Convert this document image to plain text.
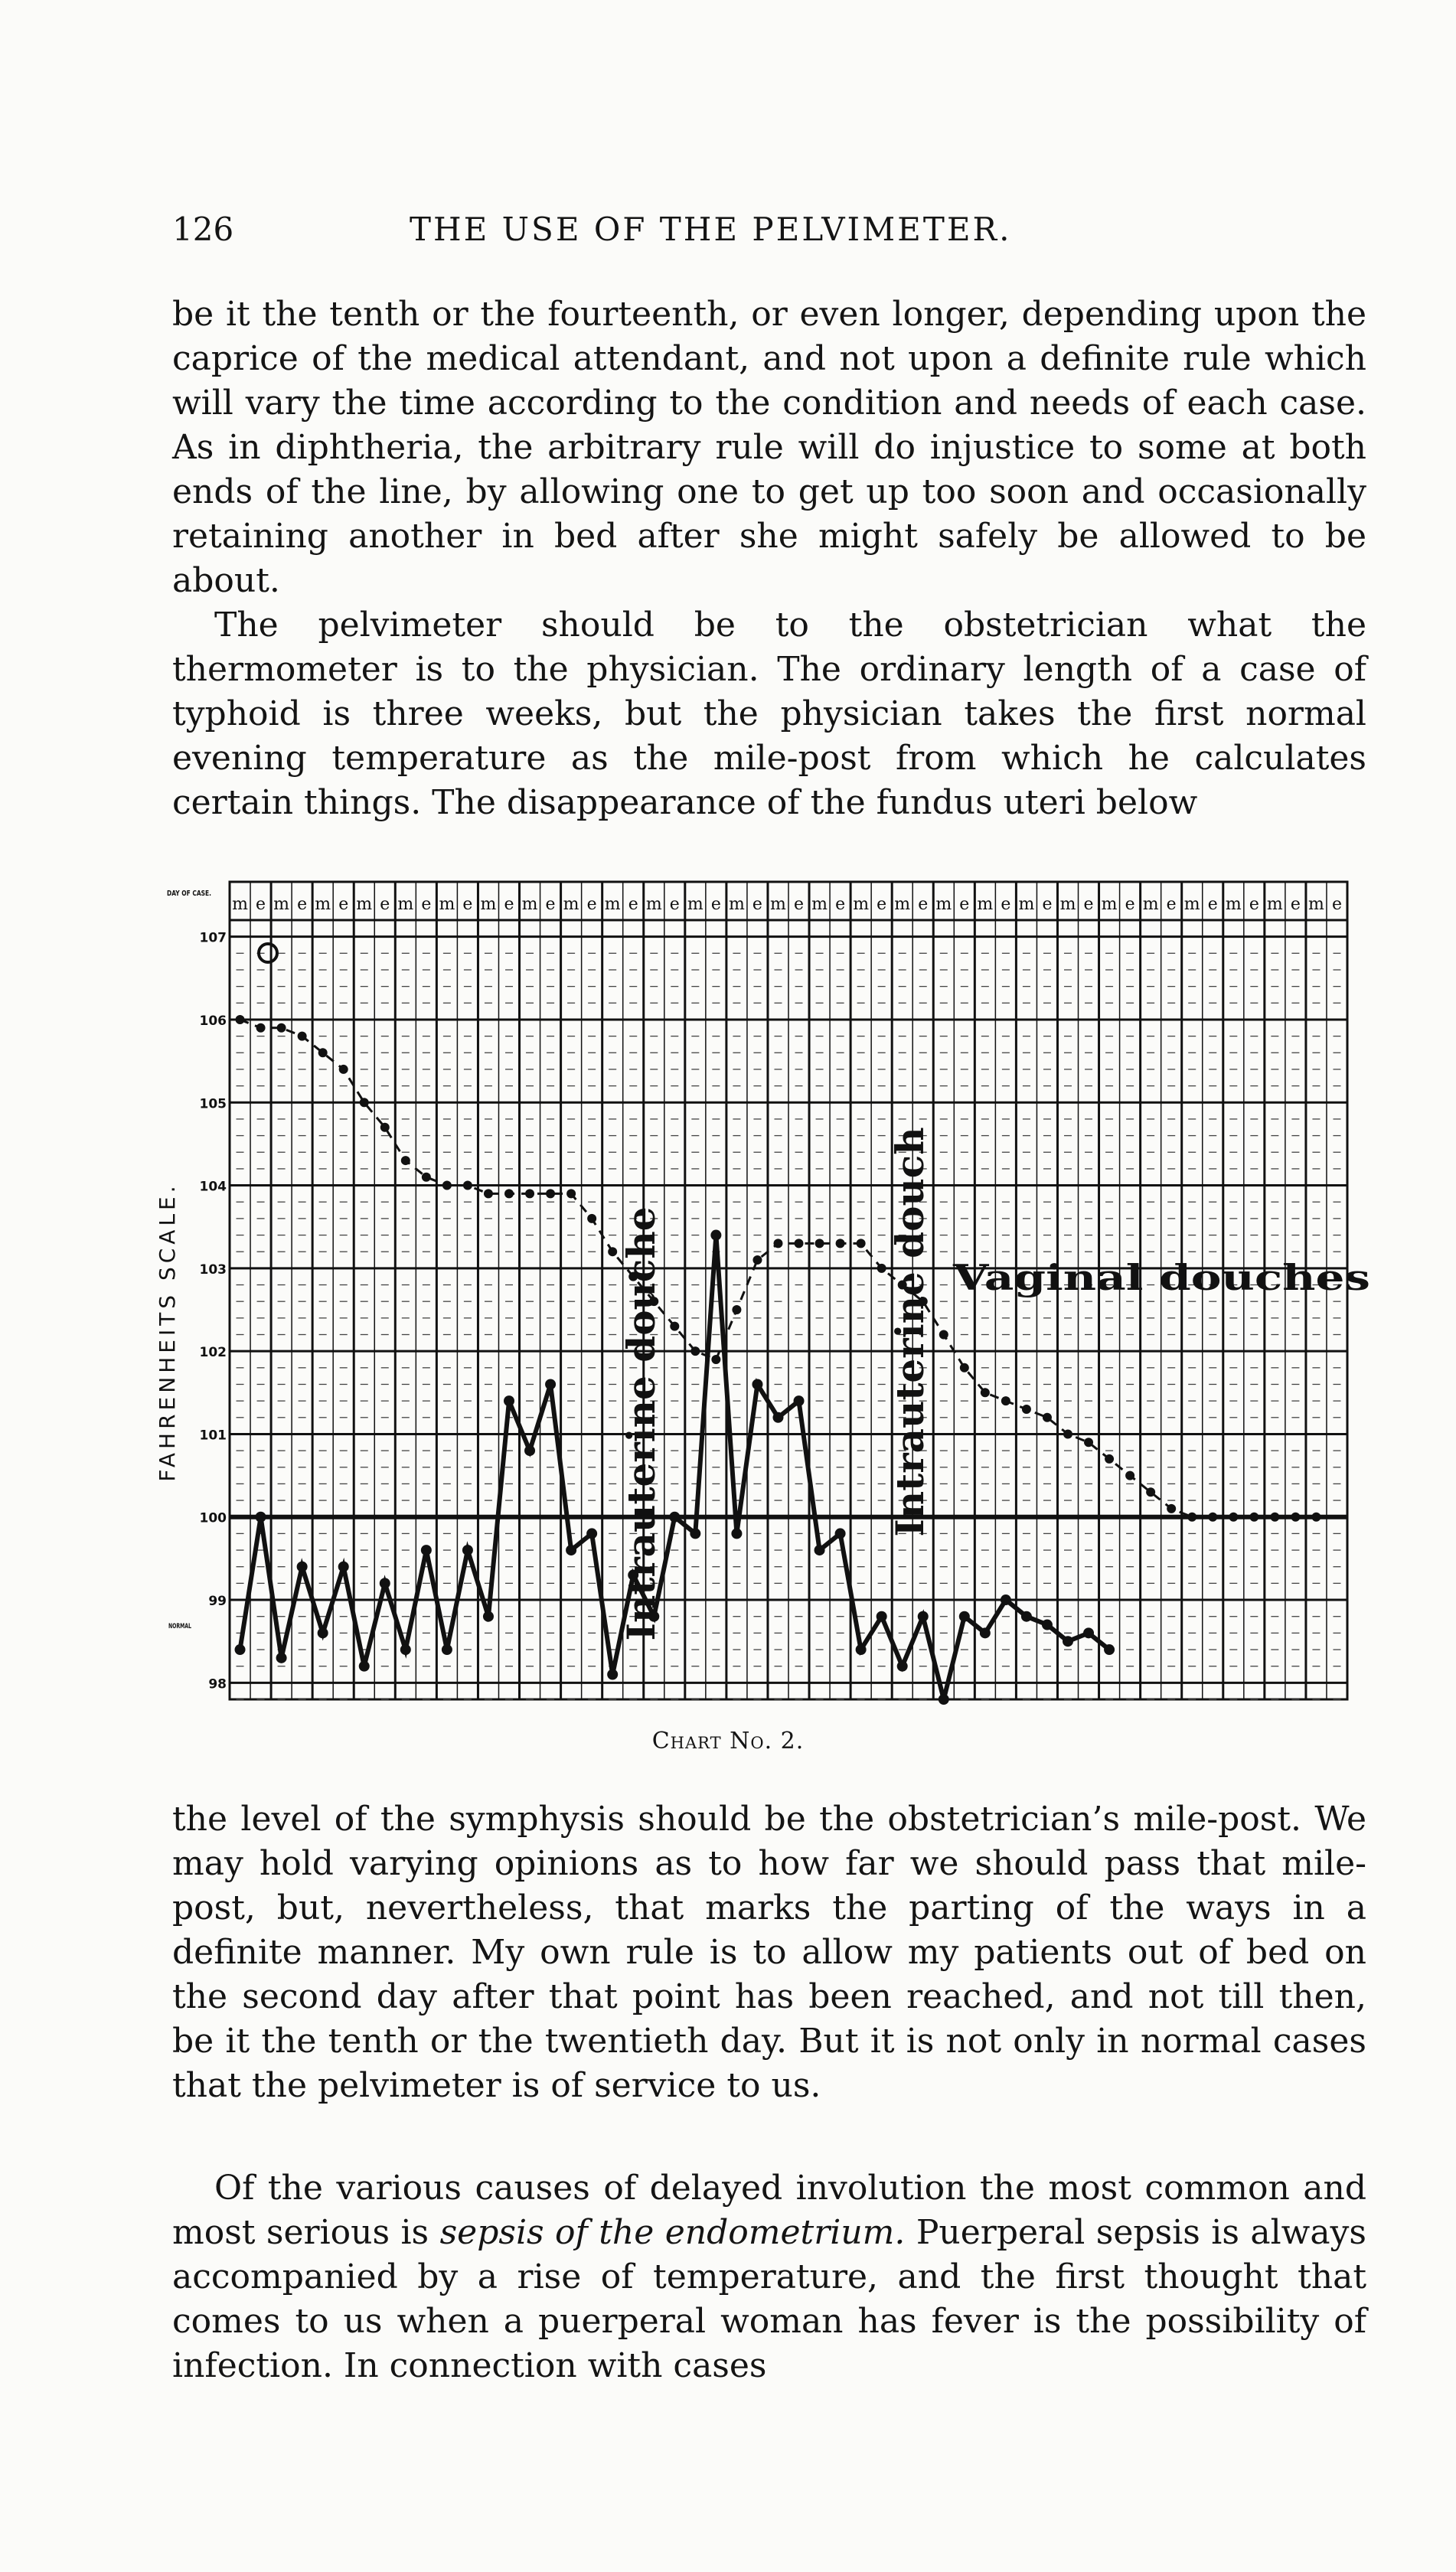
126	THE USE OF THE PELVIMETER.

be it the tenth or the fourteenth, or even longer, depending upon the caprice of the medical attendant, and not upon a definite rule which will vary the time according to the condition and needs of each case. As in diphtheria, the arbitrary rule will do injustice to some at both ends of the line, by allowing one to get up too soon and occasionally retaining another in bed after she might safely be allowed to be about.

The pelvimeter should be to the obstetrician what the thermometer is to the physician. The ordinary length of a case of typhoid is three weeks, but the physician takes the first normal evening temperature as the mile-post from which he calculates certain things. The disappearance of the fundus uteri below

DAY OF CASE.
m e m e m e m e m e m e m e m e m e m e m e m e m e m e m e m e m e m e m e m e m e m e m e m e m e m e m e
107
106
105
104
103
102
101
100
99
98
FAHRENHEITS SCALE.
NORMAL	Intrauterine douche	Intrauterine douch Vaginal douches
Chart No. 2.

the level of the symphysis should be the obstetrician’s mile-post. We may hold varying opinions as to how far we should pass that mile-post, but, nevertheless, that marks the parting of the ways in a definite manner. My own rule is to allow my patients out of bed on the second day after that point has been reached, and not till then, be it the tenth or the twentieth day. But it is not only in normal cases that the pelvimeter is of service to us.

Of the various causes of delayed involution the most common and most serious is sepsis of the endometrium. Puerperal sepsis is always accompanied by a rise of temperature, and the first thought that comes to us when a puerperal woman has fever is the possibility of infection. In connection with cases
